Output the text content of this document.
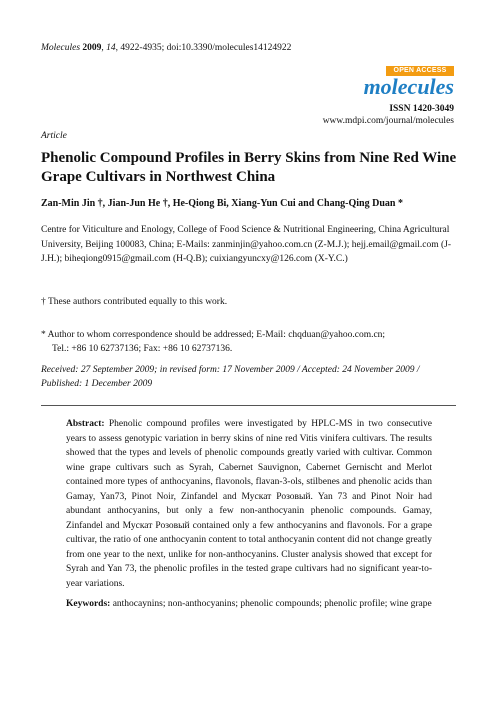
Molecules 2009, 14, 4922-4935; doi:10.3390/molecules14124922
OPEN ACCESS
molecules
ISSN 1420-3049
www.mdpi.com/journal/molecules
Article
Phenolic Compound Profiles in Berry Skins from Nine Red Wine Grape Cultivars in Northwest China
Zan-Min Jin †, Jian-Jun He †, He-Qiong Bi, Xiang-Yun Cui and Chang-Qing Duan *
Centre for Viticulture and Enology, College of Food Science & Nutritional Engineering, China Agricultural University, Beijing 100083, China; E-Mails: zanminjin@yahoo.com.cn (Z-M.J.); hejj.email@gmail.com (J-J.H.); biheqiong0915@gmail.com (H-Q.B); cuixiangyuncxy@126.com (X-Y.C.)
† These authors contributed equally to this work.
* Author to whom correspondence should be addressed; E-Mail: chqduan@yahoo.com.cn;
Tel.: +86 10 62737136; Fax: +86 10 62737136.
Received: 27 September 2009; in revised form: 17 November 2009 / Accepted: 24 November 2009 / Published: 1 December 2009
Abstract: Phenolic compound profiles were investigated by HPLC-MS in two consecutive years to assess genotypic variation in berry skins of nine red Vitis vinifera cultivars. The results showed that the types and levels of phenolic compounds greatly varied with cultivar. Common wine grape cultivars such as Syrah, Cabernet Sauvignon, Cabernet Gernischt and Merlot contained more types of anthocyanins, flavonols, flavan-3-ols, stilbenes and phenolic acids than Gamay, Yan73, Pinot Noir, Zinfandel and Мускат Розовый. Yan 73 and Pinot Noir had abundant anthocyanins, but only a few non-anthocyanin phenolic compounds. Gamay, Zinfandel and Мускат Розовый contained only a few anthocyanins and flavonols. For a grape cultivar, the ratio of one anthocyanin content to total anthocyanin content did not change greatly from one year to the next, unlike for non-anthocyanins. Cluster analysis showed that except for Syrah and Yan 73, the phenolic profiles in the tested grape cultivars had no significant year-to-year variations.
Keywords: anthocaynins; non-anthocyanins; phenolic compounds; phenolic profile; wine grape
